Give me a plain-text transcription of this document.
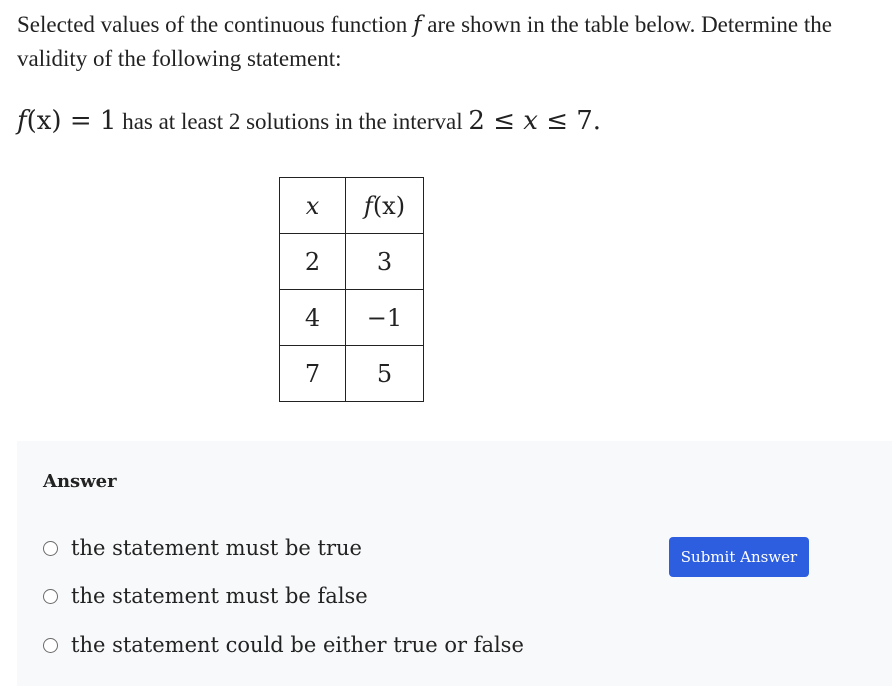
Selected values of the continuous function f are shown in the table below. Determine the validity of the following statement:
f(x) = 1 has at least 2 solutions in the interval 2 ≤ x ≤ 7.
x	f(x)
2	3
4	−1
7	5
Answer
the statement must be true
the statement must be false
the statement could be either true or false
Submit Answer
